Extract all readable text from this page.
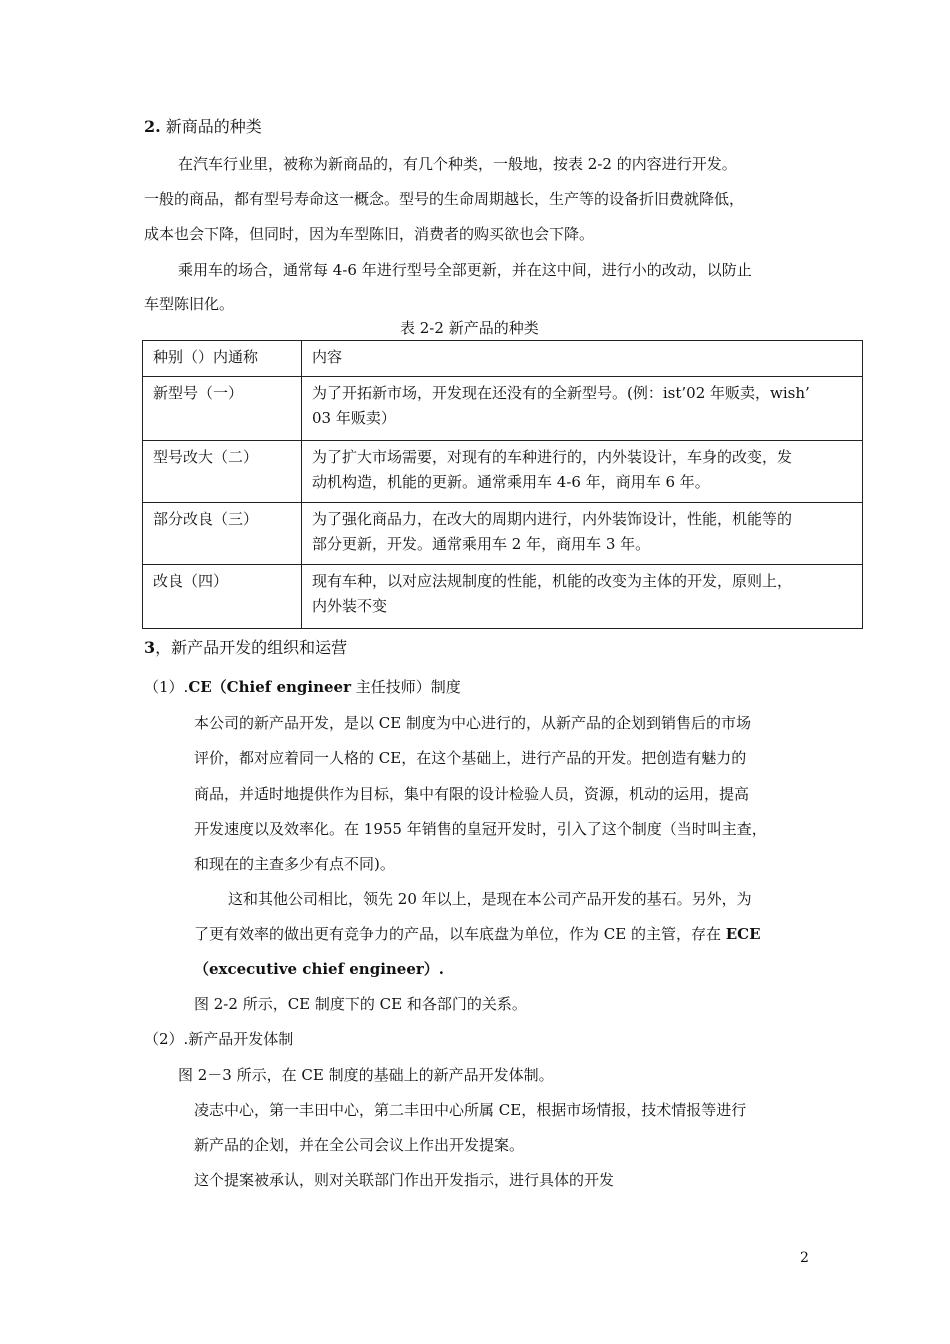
2. 新商品的种类
在汽车行业里，被称为新商品的，有几个种类，一般地，按表 2-2 的内容进行开发。
一般的商品，都有型号寿命这一概念。型号的生命周期越长，生产等的设备折旧费就降低，
成本也会下降，但同时，因为车型陈旧，消费者的购买欲也会下降。
乘用车的场合，通常每 4-6 年进行型号全部更新，并在这中间，进行小的改动，以防止
车型陈旧化。
表 2-2 新产品的种类
种别（）内通称	内容
新型号（一）	为了开拓新市场，开发现在还没有的全新型号。(例：ist’02 年贩卖，wish’
03 年贩卖）

型号改大（二）	为了扩大市场需要，对现有的车种进行的，内外装设计，车身的改变，发
动机构造，机能的更新。通常乘用车 4-6 年，商用车 6 年。

部分改良（三）	为了强化商品力，在改大的周期内进行，内外装饰设计，性能，机能等的
部分更新，开发。通常乘用车 2 年，商用车 3 年。

改良（四）	现有车种，以对应法规制度的性能，机能的改变为主体的开发，原则上，
内外装不变
3，新产品开发的组织和运营
（1）.CE（Chief engineer 主任技师）制度
本公司的新产品开发，是以 CE 制度为中心进行的，从新产品的企划到销售后的市场
评价，都对应着同一人格的 CE，在这个基础上，进行产品的开发。把创造有魅力的
商品，并适时地提供作为目标，集中有限的设计检验人员，资源，机动的运用，提高
开发速度以及效率化。在 1955 年销售的皇冠开发时，引入了这个制度（当时叫主查，
和现在的主查多少有点不同)。
这和其他公司相比，领先 20 年以上，是现在本公司产品开发的基石。另外，为
了更有效率的做出更有竞争力的产品，以车底盘为单位，作为 CE 的主管，存在 ECE
（excecutive chief engineer）.
图 2-2 所示，CE 制度下的 CE 和各部门的关系。
（2）.新产品开发体制
图 2－3 所示，在 CE 制度的基础上的新产品开发体制。
凌志中心，第一丰田中心，第二丰田中心所属 CE，根据市场情报，技术情报等进行
新产品的企划，并在全公司会议上作出开发提案。
这个提案被承认，则对关联部门作出开发指示，进行具体的开发
2
